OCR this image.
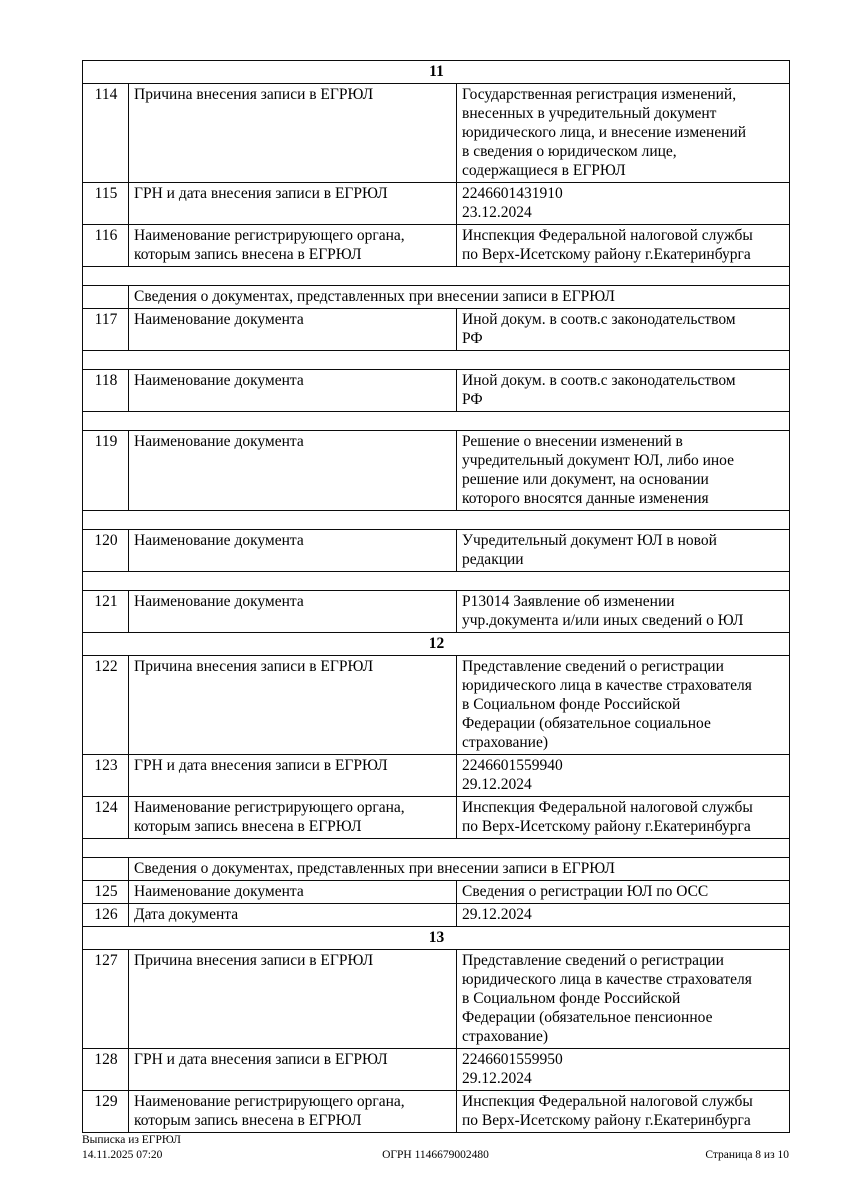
11		
114	Причина внесения записи в ЕГРЮЛ	Государственная регистрация изменений,
внесенных в учредительный документ
юридического лица, и внесение изменений
в сведения о юридическом лице,
содержащиеся в ЕГРЮЛ

115	ГРН и дата внесения записи в ЕГРЮЛ	2246601431910
23.12.2024

116	Наименование регистрирующего органа, которым запись внесена в ЕГРЮЛ	Инспекция Федеральной налоговой службы
по Верх-Исетскому району г.Екатеринбурга

	Сведения о документах, представленных при внесении записи в ЕГРЮЛ	
117	Наименование документа	Иной докум. в соотв.с законодательством
РФ

118	Наименование документа	Иной докум. в соотв.с законодательством
РФ

119	Наименование документа	Решение о внесении изменений в
учредительный документ ЮЛ, либо иное
решение или документ, на основании
которого вносятся данные изменения

120	Наименование документа	Учредительный документ ЮЛ в новой
редакции

121	Наименование документа	Р13014 Заявление об изменении
учр.документа и/или иных сведений о ЮЛ

12		
122	Причина внесения записи в ЕГРЮЛ	Представление сведений о регистрации
юридического лица в качестве страхователя
в Социальном фонде Российской
Федерации (обязательное социальное
страхование)

123	ГРН и дата внесения записи в ЕГРЮЛ	2246601559940
29.12.2024

124	Наименование регистрирующего органа, которым запись внесена в ЕГРЮЛ	Инспекция Федеральной налоговой службы
по Верх-Исетскому району г.Екатеринбурга

	Сведения о документах, представленных при внесении записи в ЕГРЮЛ	
125	Наименование документа	Сведения о регистрации ЮЛ по ОСС

126	Дата документа	29.12.2024

13		
127	Причина внесения записи в ЕГРЮЛ	Представление сведений о регистрации
юридического лица в качестве страхователя
в Социальном фонде Российской
Федерации (обязательное пенсионное
страхование)

128	ГРН и дата внесения записи в ЕГРЮЛ	2246601559950
29.12.2024

129	Наименование регистрирующего органа, которым запись внесена в ЕГРЮЛ	Инспекция Федеральной налоговой службы
по Верх-Исетскому району г.Екатеринбурга
Выписка из ЕГРЮЛ
14.11.2025 07:20	ОГРН 1146679002480	Страница 8 из 10
